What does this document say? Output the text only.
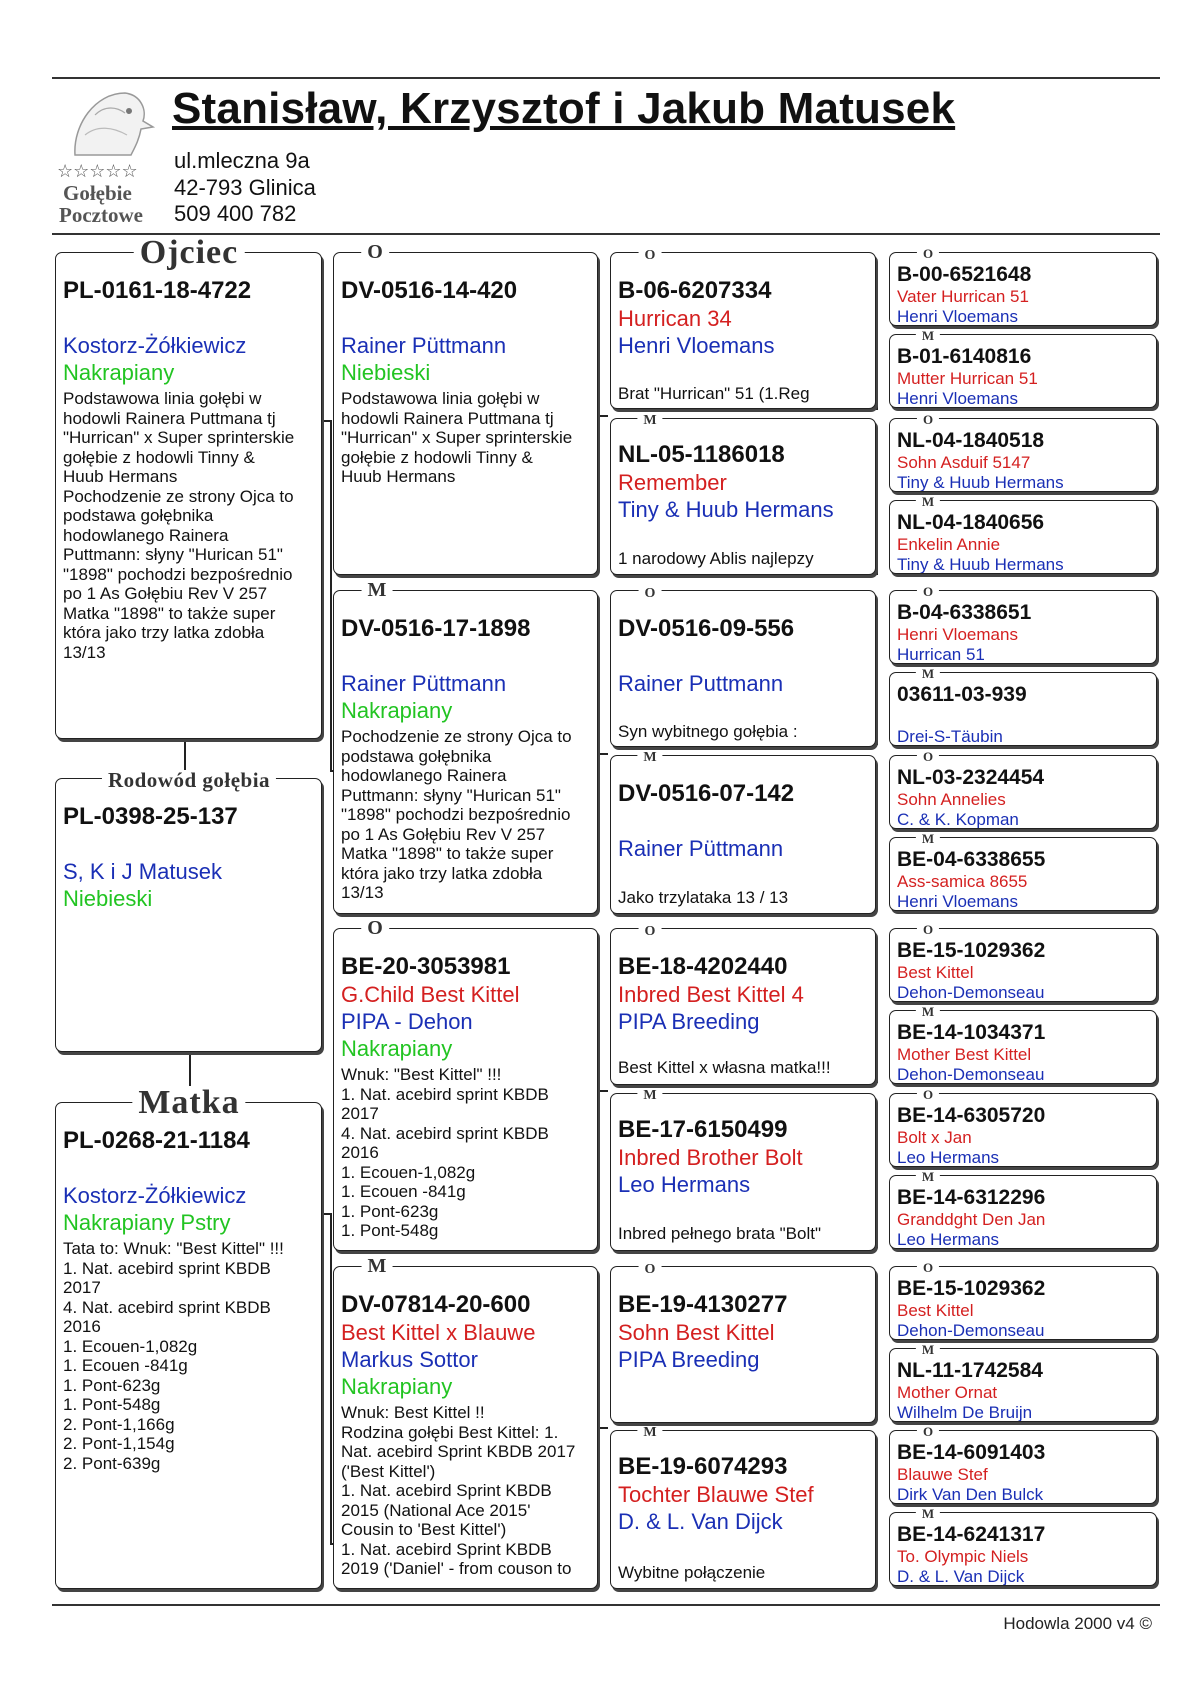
☆☆☆☆☆
Gołębie
Pocztowe
Stanisław, Krzysztof i Jakub Matusek
ul.mleczna 9a
42-793 Glinica
509 400 782
PL-0161-18-4722
Kostorz-Żółkiewicz
Nakrapiany
Podstawowa linia gołębi w
hodowli Rainera Puttmana tj
"Hurrican" x Super sprinterskie
gołębie z hodowli Tinny &
Huub Hermans
Pochodzenie ze strony Ojca to
podstawa gołębnika
hodowlanego Rainera
Puttmann: słyny "Hurican 51"
"1898" pochodzi bezpośrednio
po 1 As Gołębiu Rev V 257
Matka "1898" to także super
która jako trzy latka zdobła
13/13
Ojciec
PL-0398-25-137
S, K i J Matusek
Niebieski
Rodowód gołębia
PL-0268-21-1184
Kostorz-Żółkiewicz
Nakrapiany Pstry
Tata to: Wnuk: "Best Kittel" !!!
1. Nat. acebird sprint KBDB
2017
4. Nat. acebird sprint KBDB
2016
1. Ecouen-1,082g
1. Ecouen -841g
1. Pont-623g
1. Pont-548g
2. Pont-1,166g
2. Pont-1,154g
2. Pont-639g
Matka
DV-0516-14-420
Rainer Püttmann
Niebieski
Podstawowa linia gołębi w
hodowli Rainera Puttmana tj
"Hurrican" x Super sprinterskie
gołębie z hodowli Tinny &
Huub Hermans
O
DV-0516-17-1898
Rainer Püttmann
Nakrapiany
Pochodzenie ze strony Ojca to
podstawa gołębnika
hodowlanego Rainera
Puttmann: słyny "Hurican 51"
"1898" pochodzi bezpośrednio
po 1 As Gołębiu Rev V 257
Matka "1898" to także super
która jako trzy latka zdobła
13/13
M
BE-20-3053981
G.Child Best Kittel
PIPA - Dehon
Nakrapiany
Wnuk: "Best Kittel" !!!
1. Nat. acebird sprint KBDB
2017
4. Nat. acebird sprint KBDB
2016
1. Ecouen-1,082g
1. Ecouen -841g
1. Pont-623g
1. Pont-548g
O
DV-07814-20-600
Best Kittel x Blauwe
Markus Sottor
Nakrapiany
Wnuk: Best Kittel !!
Rodzina gołębi Best Kittel: 1.
Nat. acebird Sprint KBDB 2017
('Best Kittel')
1. Nat. acebird Sprint KBDB
2015 (National Ace 2015'
Cousin to 'Best Kittel')
1. Nat. acebird Sprint KBDB
2019 ('Daniel' - from couson to
M
B-06-6207334
Hurrican 34
Henri Vloemans
Brat "Hurrican" 51 (1.Reg
O
NL-05-1186018
Remember
Tiny & Huub Hermans
1 narodowy Ablis najlepzy
M
DV-0516-09-556
Rainer Puttmann
Syn wybitnego gołębia :
O
DV-0516-07-142
Rainer Püttmann
Jako trzylataka 13 / 13
M
BE-18-4202440
Inbred Best Kittel 4
PIPA Breeding
Best Kittel x własna matka!!!
O
BE-17-6150499
Inbred Brother Bolt
Leo Hermans
Inbred pełnego brata "Bolt"
M
BE-19-4130277
Sohn Best Kittel
PIPA Breeding
O
BE-19-6074293
Tochter Blauwe Stef
D. & L. Van Dijck
Wybitne połączenie
M
B-00-6521648
Vater Hurrican 51
Henri Vloemans
O
B-01-6140816
Mutter Hurrican 51
Henri Vloemans
M
NL-04-1840518
Sohn Asduif 5147
Tiny & Huub Hermans
O
NL-04-1840656
Enkelin Annie
Tiny & Huub Hermans
M
B-04-6338651
Henri Vloemans
Hurrican 51
O
03611-03-939
Drei-S-Täubin
M
NL-03-2324454
Sohn Annelies
C. & K. Kopman
O
BE-04-6338655
Ass-samica 8655
Henri Vloemans
M
BE-15-1029362
Best Kittel
Dehon-Demonseau
O
BE-14-1034371
Mother Best Kittel
Dehon-Demonseau
M
BE-14-6305720
Bolt x Jan
Leo Hermans
O
BE-14-6312296
Granddght Den Jan
Leo Hermans
M
BE-15-1029362
Best Kittel
Dehon-Demonseau
O
NL-11-1742584
Mother Ornat
Wilhelm De Bruijn
M
BE-14-6091403
Blauwe Stef
Dirk Van Den Bulck
O
BE-14-6241317
To. Olympic Niels
D. & L. Van Dijck
M
Hodowla 2000 v4 ©
